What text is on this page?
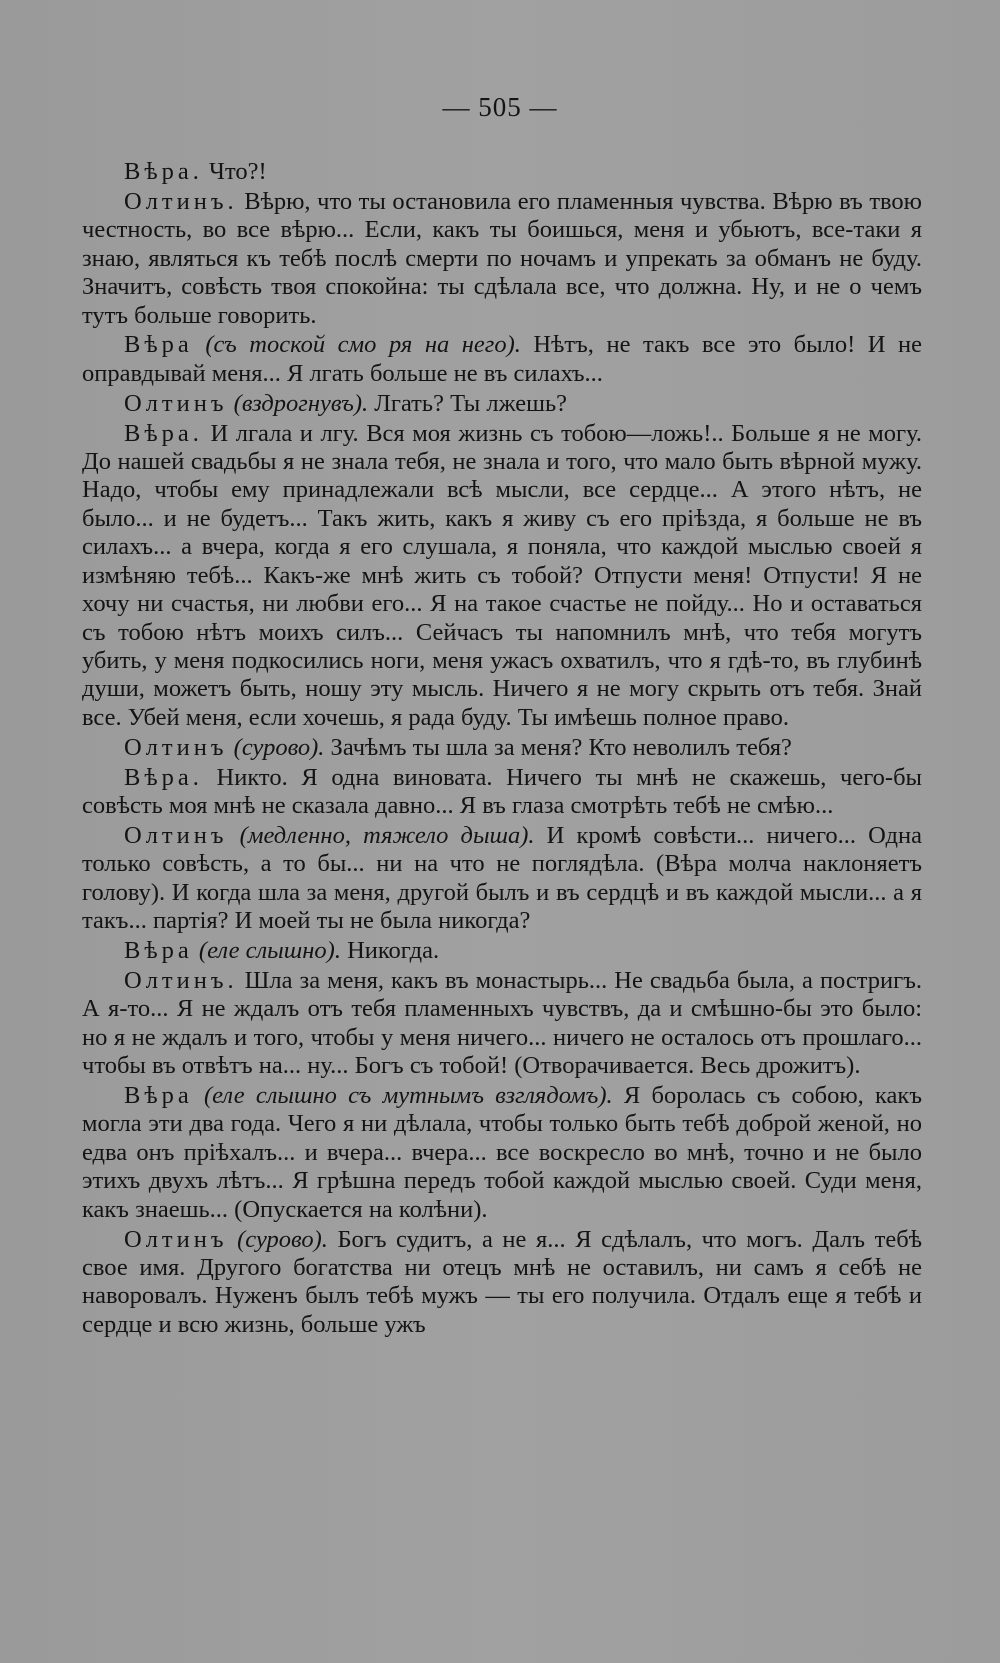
— 505 —

Вѣра. Что?!

Олтинъ. Вѣрю, что ты остановила его пламенныя чувства. Вѣрю въ твою честность, во все вѣрю... Если, какъ ты боишься, меня и убьютъ, все-таки я знаю, являться къ тебѣ послѣ смерти по ночамъ и упрекать за обманъ не буду. Значитъ, совѣсть твоя спокойна: ты сдѣлала все, что должна. Ну, и не о чемъ тутъ больше говорить.

Вѣра (съ тоской смо ря на него). Нѣтъ, не такъ все это было! И не оправдывай меня... Я лгать больше не въ силахъ...

Олтинъ (вздрогнувъ). Лгать? Ты лжешь?

Вѣра. И лгала и лгу. Вся моя жизнь съ тобою—ложь!.. Больше я не могу. До нашей свадьбы я не знала тебя, не знала и того, что мало быть вѣрной мужу. Надо, чтобы ему принадлежали всѣ мысли, все сердце... А этого нѣтъ, не было... и не будетъ... Такъ жить, какъ я живу съ его пріѣзда, я больше не въ силахъ... а вчера, когда я его слушала, я поняла, что каждой мыслью своей я измѣняю тебѣ... Какъ-же мнѣ жить съ тобой? Отпусти меня! Отпусти! Я не хочу ни счастья, ни любви его... Я на такое счастье не пойду... Но и оставаться съ тобою нѣтъ моихъ силъ... Сейчасъ ты напомнилъ мнѣ, что тебя могутъ убить, у меня подкосились ноги, меня ужасъ охватилъ, что я гдѣ-то, въ глубинѣ души, можетъ быть, ношу эту мысль. Ничего я не могу скрыть отъ тебя. Знай все. Убей меня, если хочешь, я рада буду. Ты имѣешь полное право.

Олтинъ (сурово). Зачѣмъ ты шла за меня? Кто неволилъ тебя?

Вѣра. Никто. Я одна виновата. Ничего ты мнѣ не скажешь, чего-бы совѣсть моя мнѣ не сказала давно... Я въ глаза смотрѣть тебѣ не смѣю...

Олтинъ (медленно, тяжело дыша). И кромѣ совѣсти... ничего... Одна только совѣсть, а то бы... ни на что не поглядѣла. (Вѣра молча наклоняетъ голову). И когда шла за меня, другой былъ и въ сердцѣ и въ каждой мысли... а я такъ... партія? И моей ты не была никогда?

Вѣра (еле слышно). Никогда.

Олтинъ. Шла за меня, какъ въ монастырь... Не свадьба была, а постригъ. А я-то... Я не ждалъ отъ тебя пламенныхъ чувствъ, да и смѣшно-бы это было: но я не ждалъ и того, чтобы у меня ничего... ничего не осталось отъ прошлаго... чтобы въ отвѣтъ на... ну... Богъ съ тобой! (Отворачивается. Весь дрожитъ).

Вѣра (еле слышно съ мутнымъ взглядомъ). Я боролась съ собою, какъ могла эти два года. Чего я ни дѣлала, чтобы только быть тебѣ доброй женой, но едва онъ пріѣхалъ... и вчера... вчера... все воскресло во мнѣ, точно и не было этихъ двухъ лѣтъ... Я грѣшна передъ тобой каждой мыслью своей. Суди меня, какъ знаешь... (Опускается на колѣни).

Олтинъ (сурово). Богъ судитъ, а не я... Я сдѣлалъ, что могъ. Далъ тебѣ свое имя. Другого богатства ни отецъ мнѣ не оставилъ, ни самъ я себѣ не наворовалъ. Нуженъ былъ тебѣ мужъ — ты его получила. Отдалъ еще я тебѣ и сердце и всю жизнь, больше ужъ
